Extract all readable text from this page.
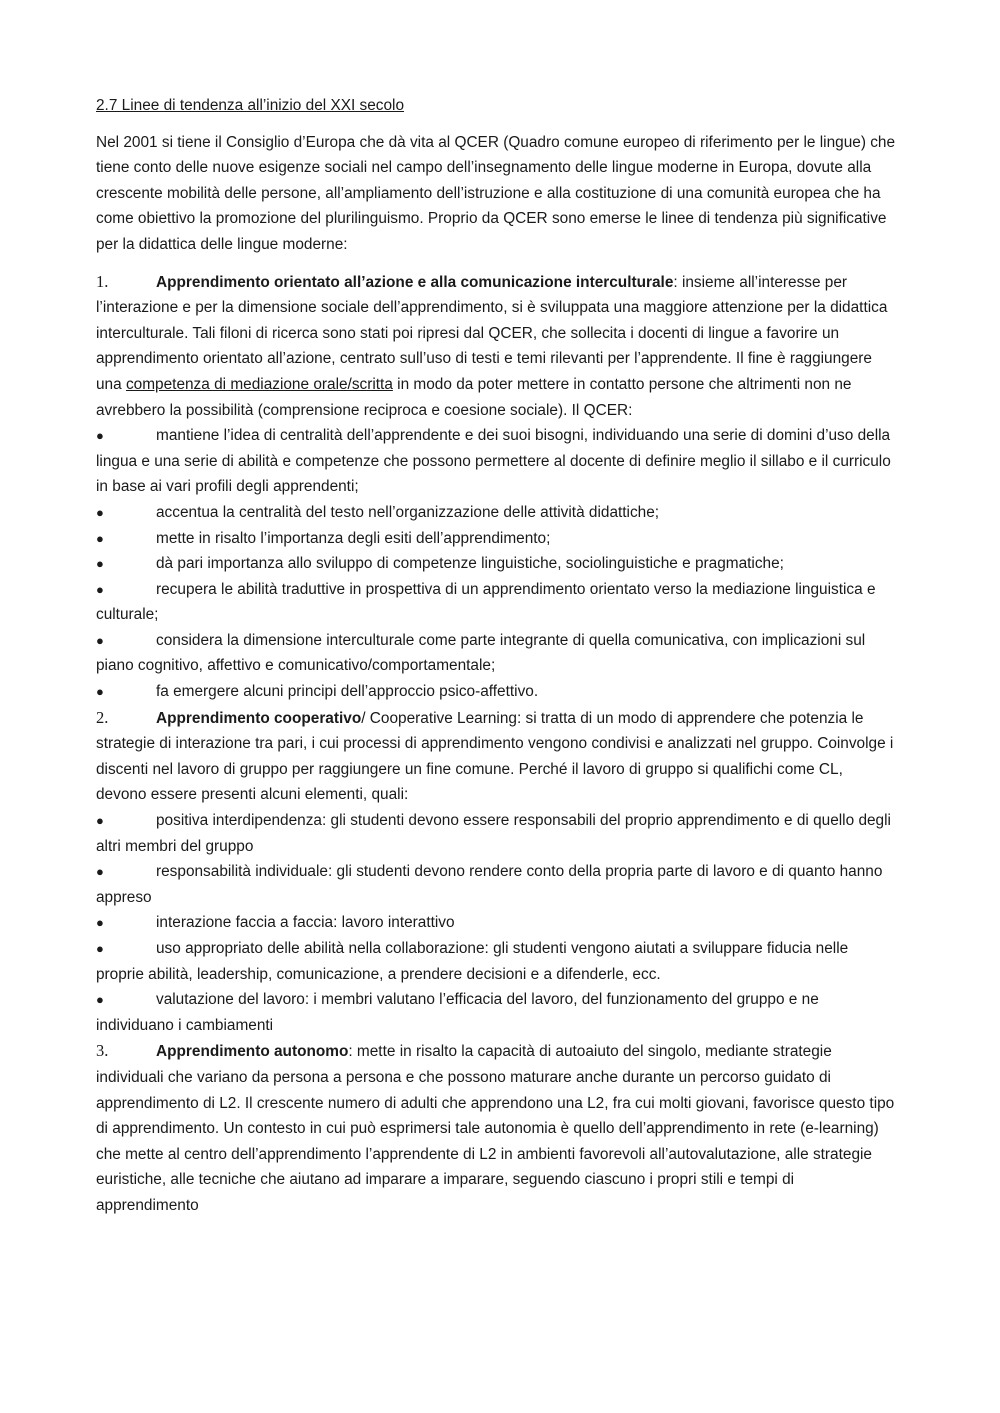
2.7 Linee di tendenza all’inizio del XXI secolo

Nel 2001 si tiene il Consiglio d’Europa che dà vita al QCER (Quadro comune europeo di riferimento per le lingue) che tiene conto delle nuove esigenze sociali nel campo dell’insegnamento delle lingue moderne in Europa, dovute alla crescente mobilità delle persone, all’ampliamento dell’istruzione e alla costituzione di una comunità europea che ha come obiettivo la promozione del plurilinguismo. Proprio da QCER sono emerse le linee di tendenza più significative per la didattica delle lingue moderne:

1.	Apprendimento orientato all’azione e alla comunicazione interculturale: insieme all’interesse per l’interazione e per la dimensione sociale dell’apprendimento, si è sviluppata una maggiore attenzione per la didattica interculturale. Tali filoni di ricerca sono stati poi ripresi dal QCER, che sollecita i docenti di lingue a favorire un apprendimento orientato all’azione, centrato sull’uso di testi e temi rilevanti per l’apprendente. Il fine è raggiungere una competenza di mediazione orale/scritta in modo da poter mettere in contatto persone che altrimenti non ne avrebbero la possibilità (comprensione reciproca e coesione sociale). Il QCER:

●	mantiene l’idea di centralità dell’apprendente e dei suoi bisogni, individuando una serie di domini d’uso della lingua e una serie di abilità e competenze che possono permettere al docente di definire meglio il sillabo e il curriculo in base ai vari profili degli apprendenti;

●	accentua la centralità del testo nell’organizzazione delle attività didattiche;

●	mette in risalto l’importanza degli esiti dell’apprendimento;

●	dà pari importanza allo sviluppo di competenze linguistiche, sociolinguistiche e pragmatiche;

●	recupera le abilità traduttive in prospettiva di un apprendimento orientato verso la mediazione linguistica e culturale;

●	considera la dimensione interculturale come parte integrante di quella comunicativa, con implicazioni sul piano cognitivo, affettivo e comunicativo/comportamentale;

●	fa emergere alcuni principi dell’approccio psico-affettivo.

2.	Apprendimento cooperativo/ Cooperative Learning: si tratta di un modo di apprendere che potenzia le strategie di interazione tra pari, i cui processi di apprendimento vengono condivisi e analizzati nel gruppo. Coinvolge i discenti nel lavoro di gruppo per raggiungere un fine comune. Perché il lavoro di gruppo si qualifichi come CL, devono essere presenti alcuni elementi, quali:

●	positiva interdipendenza: gli studenti devono essere responsabili del proprio apprendimento e di quello degli altri membri del gruppo

●	responsabilità individuale: gli studenti devono rendere conto della propria parte di lavoro e di quanto hanno appreso

●	interazione faccia a faccia: lavoro interattivo

●	uso appropriato delle abilità nella collaborazione: gli studenti vengono aiutati a sviluppare fiducia nelle proprie abilità, leadership, comunicazione, a prendere decisioni e a difenderle, ecc.

●	valutazione del lavoro: i membri valutano l’efficacia del lavoro, del funzionamento del gruppo e ne individuano i cambiamenti

3.	Apprendimento autonomo: mette in risalto la capacità di autoaiuto del singolo, mediante strategie individuali che variano da persona a persona e che possono maturare anche durante un percorso guidato di apprendimento di L2. Il crescente numero di adulti che apprendono una L2, fra cui molti giovani, favorisce questo tipo di apprendimento. Un contesto in cui può esprimersi tale autonomia è quello dell’apprendimento in rete (e-learning) che mette al centro dell’apprendimento l’apprendente di L2 in ambienti favorevoli all’autovalutazione, alle strategie euristiche, alle tecniche che aiutano ad imparare a imparare, seguendo ciascuno i propri stili e tempi di apprendimento
